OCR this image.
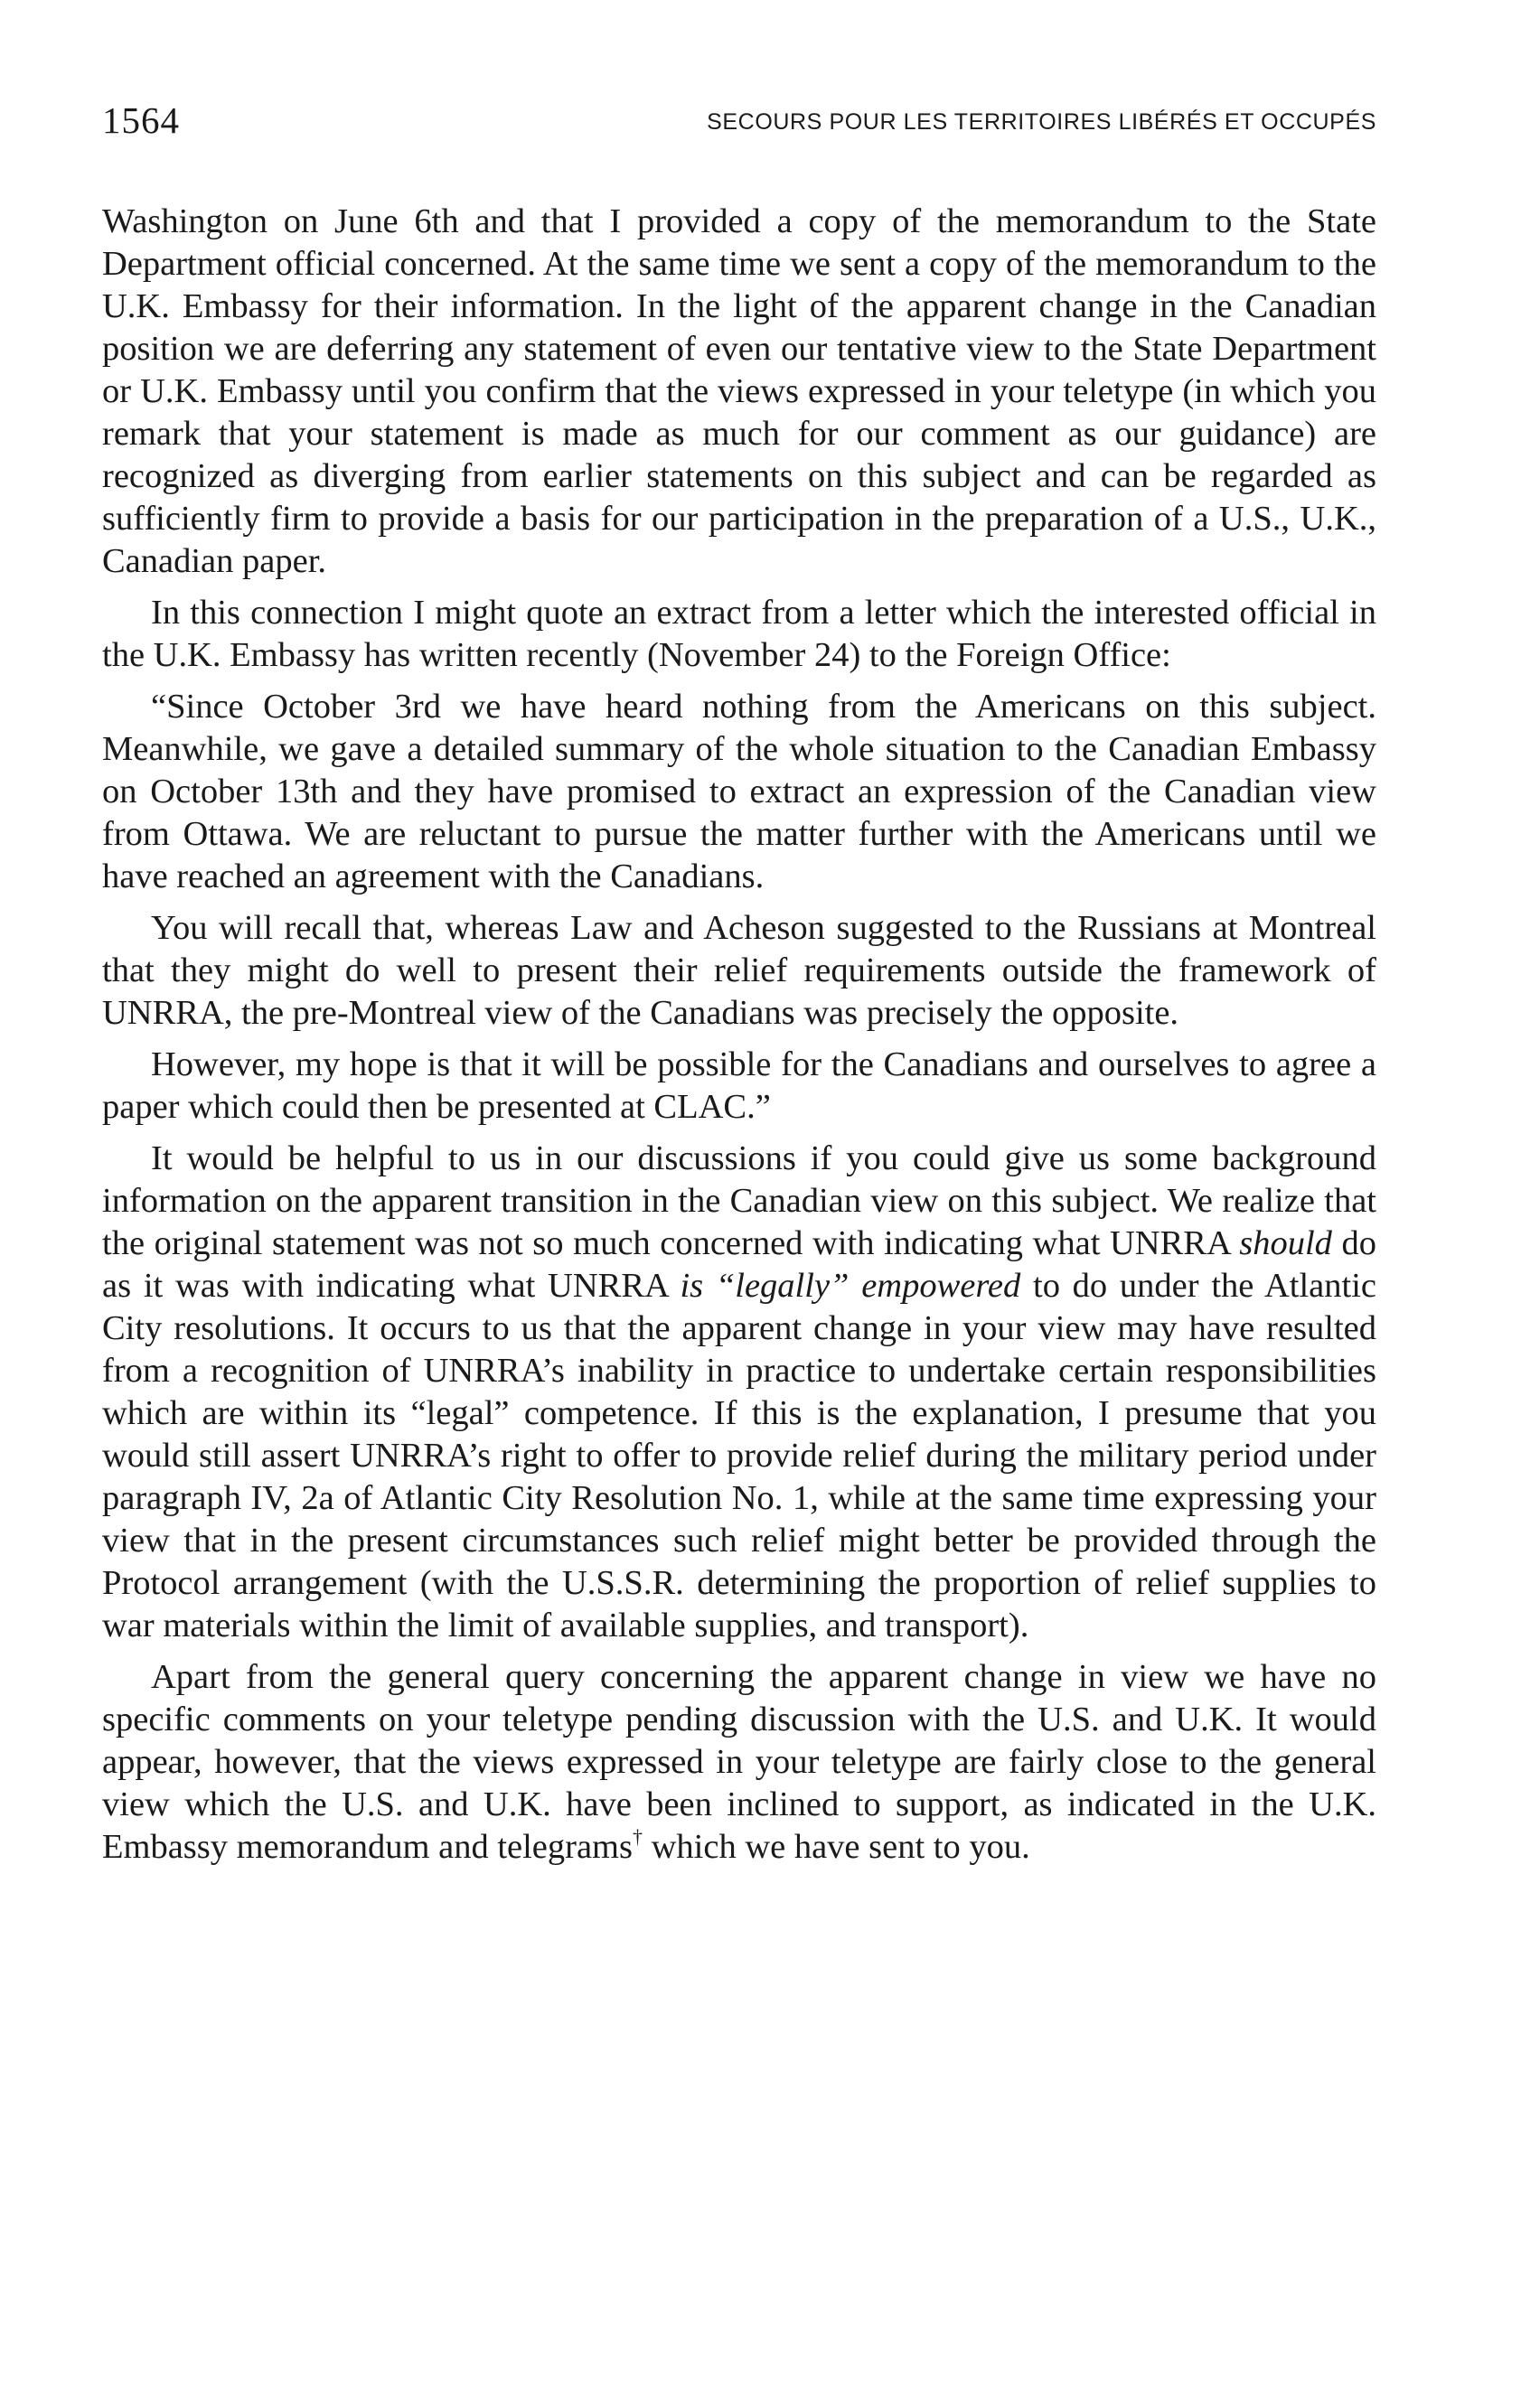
1564	SECOURS POUR LES TERRITOIRES LIBÉRÉS ET OCCUPÉS

Washington on June 6th and that I provided a copy of the memorandum to the State Department official concerned. At the same time we sent a copy of the memorandum to the U.K. Embassy for their information. In the light of the apparent change in the Canadian position we are deferring any statement of even our tentative view to the State Department or U.K. Embassy until you confirm that the views expressed in your teletype (in which you remark that your statement is made as much for our comment as our guidance) are recognized as diverging from earlier statements on this subject and can be regarded as sufficiently firm to provide a basis for our participation in the preparation of a U.S., U.K., Canadian paper.

In this connection I might quote an extract from a letter which the interested official in the U.K. Embassy has written recently (November 24) to the Foreign Office:

“Since October 3rd we have heard nothing from the Americans on this subject. Meanwhile, we gave a detailed summary of the whole situation to the Canadian Embassy on October 13th and they have promised to extract an expression of the Canadian view from Ottawa. We are reluctant to pursue the matter further with the Americans until we have reached an agreement with the Canadians.

You will recall that, whereas Law and Acheson suggested to the Russians at Montreal that they might do well to present their relief requirements outside the framework of UNRRA, the pre-Montreal view of the Canadians was precisely the opposite.

However, my hope is that it will be possible for the Canadians and ourselves to agree a paper which could then be presented at CLAC.”

It would be helpful to us in our discussions if you could give us some background information on the apparent transition in the Canadian view on this subject. We realize that the original statement was not so much concerned with indicating what UNRRA should do as it was with indicating what UNRRA is “legally” empowered to do under the Atlantic City resolutions. It occurs to us that the apparent change in your view may have resulted from a recognition of UNRRA’s inability in practice to undertake certain responsibilities which are within its “legal” competence. If this is the explanation, I presume that you would still assert UNRRA’s right to offer to provide relief during the military period under paragraph IV, 2a of Atlantic City Resolution No. 1, while at the same time expressing your view that in the present circumstances such relief might better be provided through the Protocol arrangement (with the U.S.S.R. determining the proportion of relief supplies to war materials within the limit of available supplies, and transport).

Apart from the general query concerning the apparent change in view we have no specific comments on your teletype pending discussion with the U.S. and U.K. It would appear, however, that the views expressed in your teletype are fairly close to the general view which the U.S. and U.K. have been inclined to support, as indicated in the U.K. Embassy memorandum and telegrams† which we have sent to you.
